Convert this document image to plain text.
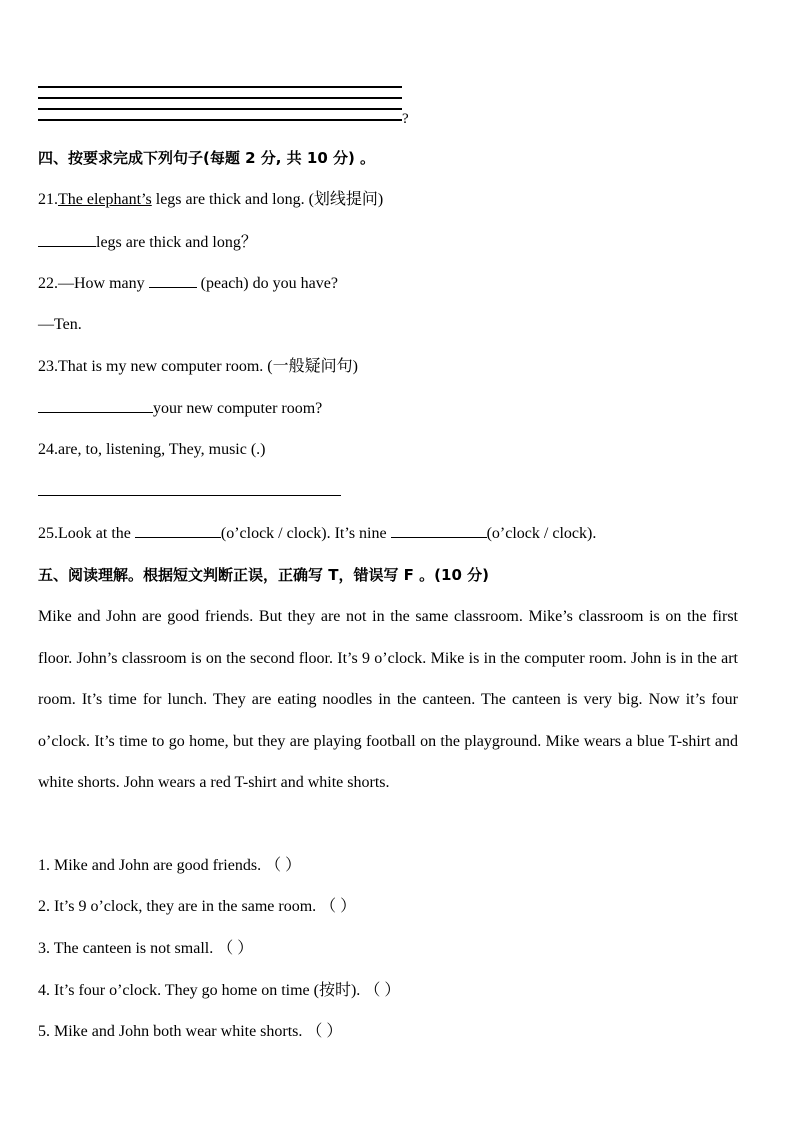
?
四、按要求完成下列句子(每题 2 分, 共 10 分) 。
21.The elephant’s legs are thick and long. (划线提问)
legs are thick and long？
22.—How many	(peach) do you have?
—Ten.
23.That is my new computer room. (一般疑问句)
your new computer room?
24.are, to, listening, They, music (.)
25.Look at the	(o’clock / clock). It’s nine	(o’clock / clock).
五、阅读理解。根据短文判断正误，正确写 T，错误写 F 。(10 分)
Mike and John are good friends. But they are not in the same classroom. Mike’s classroom is on the first floor. John’s classroom is on the second floor. It’s 9 o’clock. Mike is in the computer room. John is in the art room. It’s time for lunch. They are eating noodles in the canteen. The canteen is very big. Now it’s four o’clock. It’s time to go home, but they are playing football on the playground. Mike wears a blue T-shirt and white shorts. John wears a red T-shirt and white shorts.
1. Mike and John are good friends. （ ）
2. It’s 9 o’clock, they are in the same room. （ ）
3. The canteen is not small. （ ）
4. It’s four o’clock. They go home on time (按时). （ ）
5. Mike and John both wear white shorts. （ ）
